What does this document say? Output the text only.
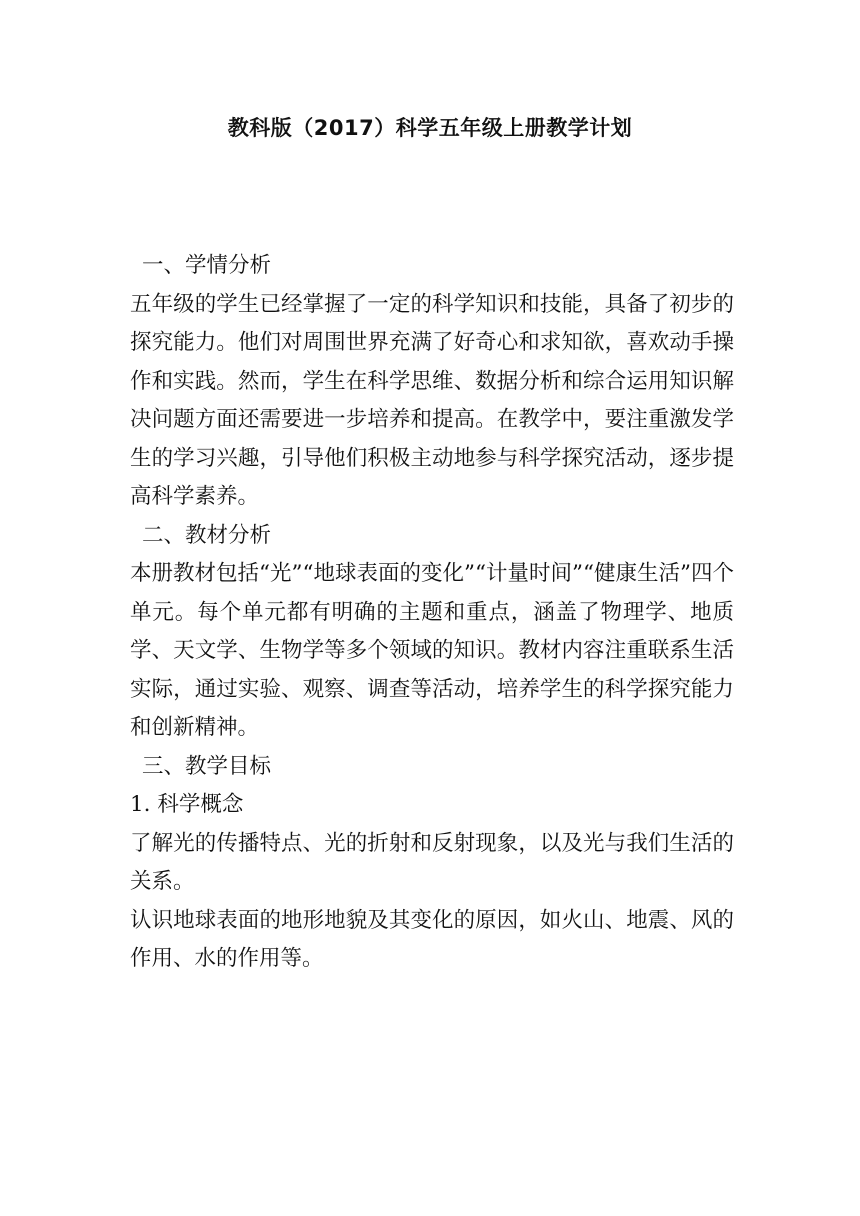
教科版（2017）科学五年级上册教学计划
一、学情分析
五年级的学生已经掌握了一定的科学知识和技能，具备了初步的探究能力。他们对周围世界充满了好奇心和求知欲，喜欢动手操作和实践。然而，学生在科学思维、数据分析和综合运用知识解决问题方面还需要进一步培养和提高。在教学中，要注重激发学生的学习兴趣，引导他们积极主动地参与科学探究活动，逐步提高科学素养。
二、教材分析
本册教材包括“光”“地球表面的变化”“计量时间”“健康生活”四个单元。每个单元都有明确的主题和重点，涵盖了物理学、地质学、天文学、生物学等多个领域的知识。教材内容注重联系生活实际，通过实验、观察、调查等活动，培养学生的科学探究能力和创新精神。
三、教学目标
1. 科学概念
了解光的传播特点、光的折射和反射现象，以及光与我们生活的关系。
认识地球表面的地形地貌及其变化的原因，如火山、地震、风的作用、水的作用等。
